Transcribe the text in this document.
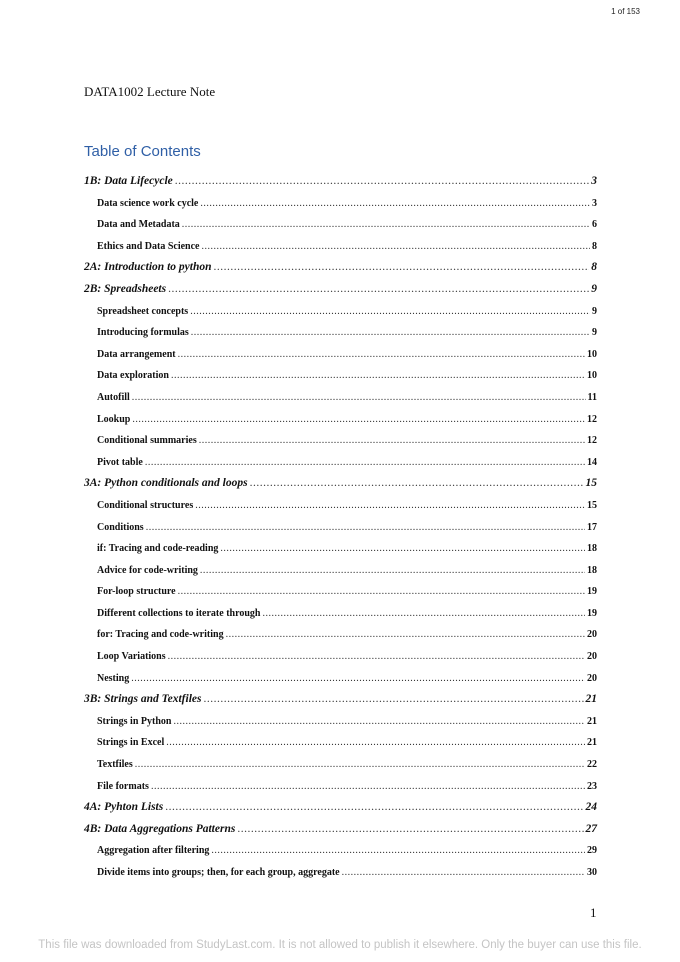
1 of 153
DATA1002 Lecture Note
Table of Contents
1B: Data Lifecycle .....	3
Data science work cycle .....	3
Data and Metadata .....	6
Ethics and Data Science .....	8
2A: Introduction to python .....	8
2B: Spreadsheets .....	9
Spreadsheet concepts .....	9
Introducing formulas .....	9
Data arrangement .....	10
Data exploration .....	10
Autofill .....	11
Lookup .....	12
Conditional summaries .....	12
Pivot table .....	14
3A: Python conditionals and loops .....	15
Conditional structures .....	15
Conditions .....	17
if: Tracing and code-reading .....	18
Advice for code-writing .....	18
For-loop structure .....	19
Different collections to iterate through .....	19
for: Tracing and code-writing .....	20
Loop Variations .....	20
Nesting .....	20
3B: Strings and Textfiles .....	21
Strings in Python .....	21
Strings in Excel .....	21
Textfiles .....	22
File formats .....	23
4A: Pyhton Lists .....	24
4B: Data Aggregations Patterns .....	27
Aggregation after filtering .....	29
Divide items into groups; then, for each group, aggregate .....	30
1
This file was downloaded from StudyLast.com. It is not allowed to publish it elsewhere. Only the buyer can use this file.
